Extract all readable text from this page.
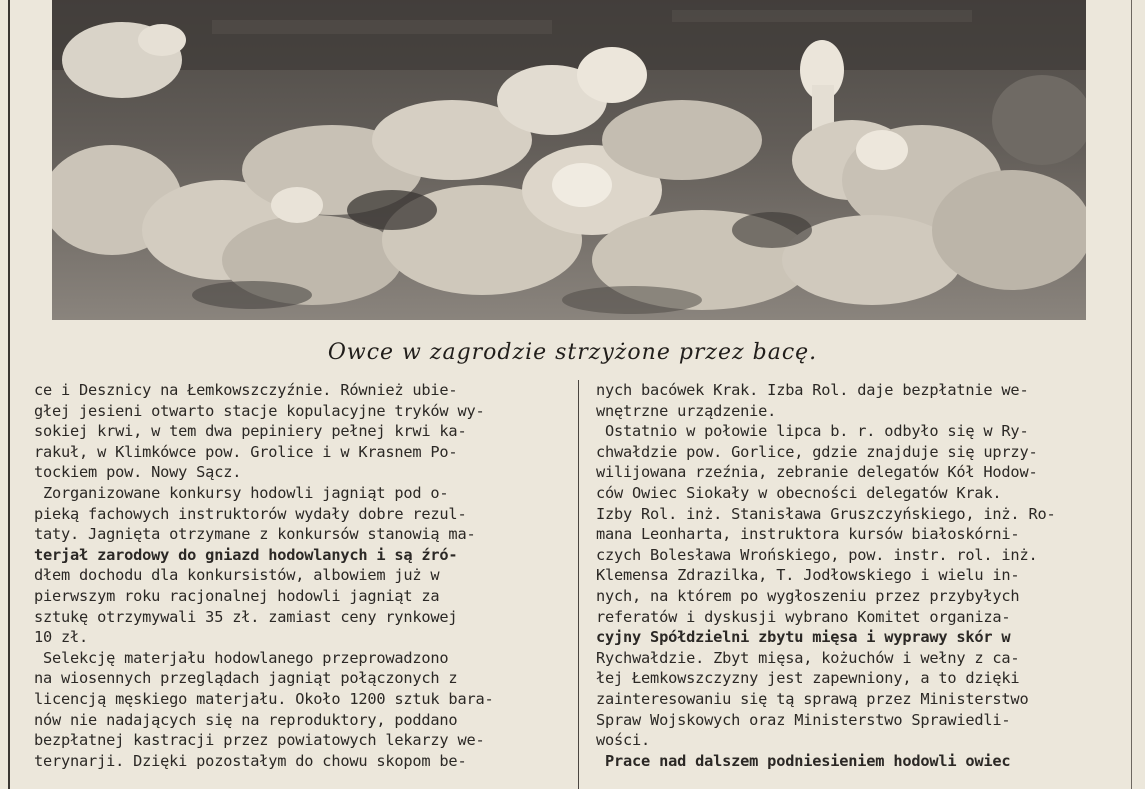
Owce w zagrodzie strzyżone przez bacę.
ce i Desznicy na Łemkowszczyźnie. Również ubie-
głej jesieni otwarto stacje kopulacyjne tryków wy-
sokiej krwi, w tem dwa pepiniery pełnej krwi ka-
rakuł, w Klimkówce pow. Grolice i w Krasnem Po-
tockiem pow. Nowy Sącz.
Zorganizowane konkursy hodowli jagniąt pod o-
pieką fachowych instruktorów wydały dobre rezul-
taty. Jagnięta otrzymane z konkursów stanowią ma-
terjał zarodowy do gniazd hodowlanych i są źró-
dłem dochodu dla konkursistów, albowiem już w
pierwszym roku racjonalnej hodowli jagniąt za
sztukę otrzymywali 35 zł. zamiast ceny rynkowej
10 zł.
Selekcję materjału hodowlanego przeprowadzono
na wiosennych przeglądach jagniąt połączonych z
licencją męskiego materjału. Około 1200 sztuk bara-
nów nie nadających się na reproduktory, poddano
bezpłatnej kastracji przez powiatowych lekarzy we-
terynarji. Dzięki pozostałym do chowu skopom be-
nych bacówek Krak. Izba Rol. daje bezpłatnie we-
wnętrzne urządzenie.
Ostatnio w połowie lipca b. r. odbyło się w Ry-
chwałdzie pow. Gorlice, gdzie znajduje się uprzy-
wilijowana rzeźnia, zebranie delegatów Kół Hodow-
ców Owiec Siokały w obecności delegatów Krak.
Izby Rol. inż. Stanisława Gruszczyńskiego, inż. Ro-
mana Leonharta, instruktora kursów białoskórni-
czych Bolesława Wrońskiego, pow. instr. rol. inż.
Klemensa Zdrazilka, T. Jodłowskiego i wielu in-
nych, na którem po wygłoszeniu przez przybyłych
referatów i dyskusji wybrano Komitet organiza-
cyjny Spółdzielni zbytu mięsa i wyprawy skór w
Rychwałdzie. Zbyt mięsa, kożuchów i wełny z ca-
łej Łemkowszczyzny jest zapewniony, a to dzięki
zainteresowaniu się tą sprawą przez Ministerstwo
Spraw Wojskowych oraz Ministerstwo Sprawiedli-
wości.
Prace nad dalszem podniesieniem hodowli owiec
